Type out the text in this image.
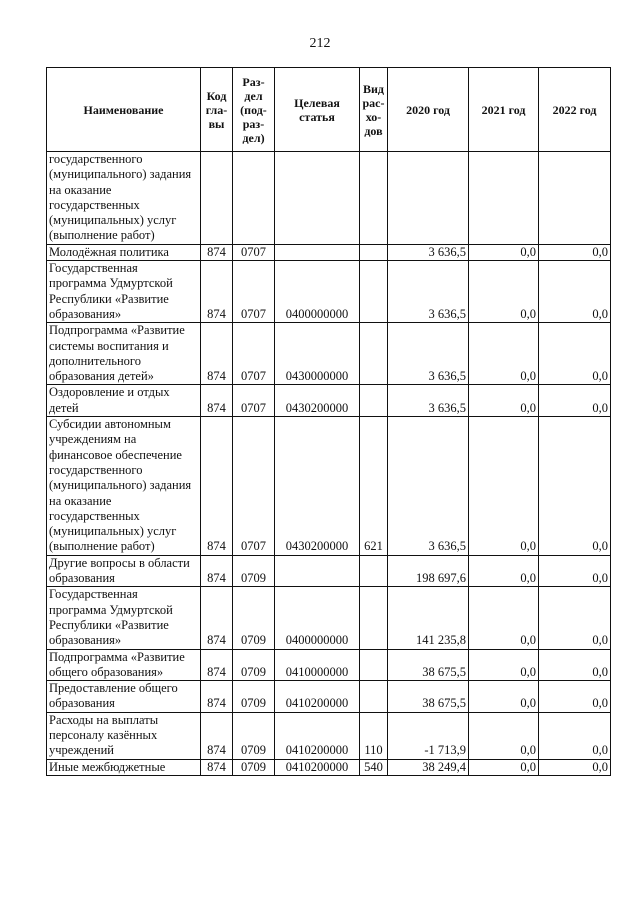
212
Наименование	Код гла-вы	Раз-дел (под-раз-дел)	Целевая статья	Вид рас-хо-дов	2020 год	2021 год	2022 год
государственного (муниципального) задания на оказание государственных (муниципальных) услуг (выполнение работ)							
Молодёжная политика	874	0707			3 636,5	0,0	0,0
Государственная программа Удмуртской Республики «Развитие образования»	874	0707	0400000000		3 636,5	0,0	0,0
Подпрограмма «Развитие системы воспитания и дополнительного образования детей»	874	0707	0430000000		3 636,5	0,0	0,0
Оздоровление и отдых детей	874	0707	0430200000		3 636,5	0,0	0,0
Субсидии автономным учреждениям на финансовое обеспечение государственного (муниципального) задания на оказание государственных (муниципальных) услуг (выполнение работ)	874	0707	0430200000	621	3 636,5	0,0	0,0
Другие вопросы в области образования	874	0709			198 697,6	0,0	0,0
Государственная программа Удмуртской Республики «Развитие образования»	874	0709	0400000000		141 235,8	0,0	0,0
Подпрограмма «Развитие общего образования»	874	0709	0410000000		38 675,5	0,0	0,0
Предоставление общего образования	874	0709	0410200000		38 675,5	0,0	0,0
Расходы на выплаты персоналу казённых учреждений	874	0709	0410200000	110	-1 713,9	0,0	0,0
Иные межбюджетные	874	0709	0410200000	540	38 249,4	0,0	0,0
